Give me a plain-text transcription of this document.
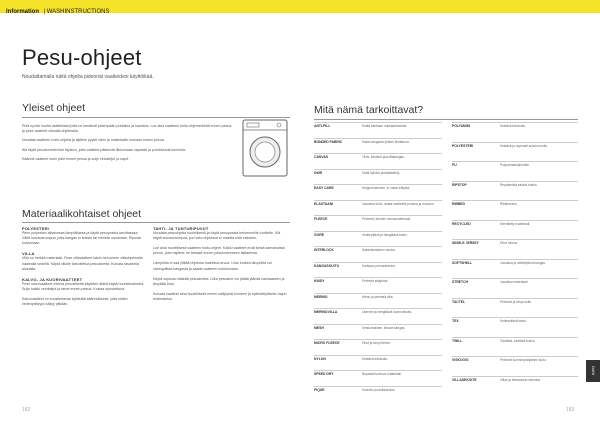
Information | WASHINSTRUCTIONS
Pesu-ohjeet
Noudattamalla näitä ohjeita pidennät vaatteidesi käyttöikää.
Yleiset ohjeet
Pidä hyvää huolta vaatteistasi jotta ne kestävät pidempään puhtaina ja kauniina. Lue aina vaatteen hoito-ohjemerkintä ennen pesua ja pese vaatteet oikealla ohjelmalla.
Noudata vaatteen hoito-ohjeita ja lajittele pyykit värin ja materiaalin mukaan ennen pesua.
Älä täytä pesukonetta liian täyteen, jotta vaatteet pääsevät liikkumaan vapaasti ja puhdistuvat kunnolla.
Käännä vaatteet nurin päin ennen pesua ja sulje vetoketjut ja napit.
Materiaalikohtaiset ohjeet
POLYESTERI
Pese polyesteri alhaisessa lämpötilassa ja käytä pesupussia tarvittaessa. Vältä kuivausrumpua, jotta kangas ei kutistu tai menetä muotoaan. Ripusta kuivumaan.
VILLA
Villa on herkkä materiaali. Pese villavaatteet käsin tai koneen villaohjelmalla haalealla vedellä. Käytä villalle tarkoitettua pesuainetta. Kuivata tasaisella alustalla.
KALVO- JA KUORIVAATTEET
Pese kalvovaatteet mietoa pesuainetta käyttäen äläkä käytä huuhteluainetta. Sulje kaikki vetoketjut ja tarrat ennen pesua. Kuivaa ripustettuna.
Kalvovaatteet on suositeltavaa kyllästää säännöllisesti, jotta niiden vedenpitävyys säilyy pitkään.
TAHTI- JA TUNTURIPUVUT
Noudata pesuohjetta huolellisesti ja käytä pesupussia herkemmille tuotteille. Älä käytä kuivausrumpua, jos hoito-ohjeessa ei mainita siitä erikseen.
Lue aina huolellisesti vaatteen hoito-ohjeet. Kaikki vaatteet eivät kestä samanlaista pesua, joten lajittele ne tarkasti ennen pesukoneeseen laittamista.
Lämpötila ei saa ylittää ohjeissa mainittua arvoa. Liian korkea lämpötila voi vahingoittaa kangasta ja saada vaatteen kutistumaan.
Käytä sopivaa määrää pesuainetta. Liika pesuaine voi jättää jäämiä kankaaseen ja ärsyttää ihoa.
Kuivata vaatteet aina huolellisesti ennen säilytystä homeen ja epämiellyttävän hajun estämiseksi.
Mitä nämä tarkoittavat?
ANTI-PILL	Estää kankaan nukkaantumista.
BONDED FABRIC	Kaksi kangasta yhteen liimattuna.
CANVAS	Tiivis, kestävä puuvillakangas.
DWR	Vettä hylkivä pintakäsittely.
EASY CARE	Helppohoitoinen, ei vaadi silitystä.
ELASTAANI	Joustava kuitu, antaa vaatteelle joustoa ja muodon.
FLEECE	Pehmeä, lämmin neulosmateriaali.
GORE	Vedenpitävä ja hengittävä kalvo.
INTERLOCK	Kaksinkertainen neulos.
KANGASKUITU	Kankaan perusrakenne.
KINDY	Pehmeä sisäpinta.
MERINO	Hieno ja pehmeä villa.
MERINOVILLA	Lämmin ja hengittävä luonnonkuitu.
MESH	Verkkomainen, ilmava kangas.
MICRO FLEECE	Ohut ja kevyt fleece.
NYLON	Kestävä tekokuitu.
SPEED DRY	Nopeasti kuivuva materiaali.
PIQUE	Kuvioitu puuvillaneulos.
POLYAMIDI	Kestävä tekokuitu.
POLYESTERI	Kestävä ja nopeasti kuivuva kuitu.
PU	Polyuretaanipinnoite.
RIPSTOP	Repeämistä estävä kudos.
RIBBED	Ribbineulos.
RECYCLED	Kierrätetty materiaali.
SINGLE JERSEY	Ohut neulos.
SOFTSHELL	Joustava ja vettähylkivä kangas.
STRETCH	Joustava materiaali.
TACTEL	Pehmeä ja kevyt kuitu.
TEX	Vedenpitävä kalvo.
TWILL	Toimikas, kestävä kudos.
VISKOOSI	Pehmeä luonnonpohjainen kuitu.
VILLASEKOITE	Villan ja tekokuidun sekoitus.
INFO
182	183
